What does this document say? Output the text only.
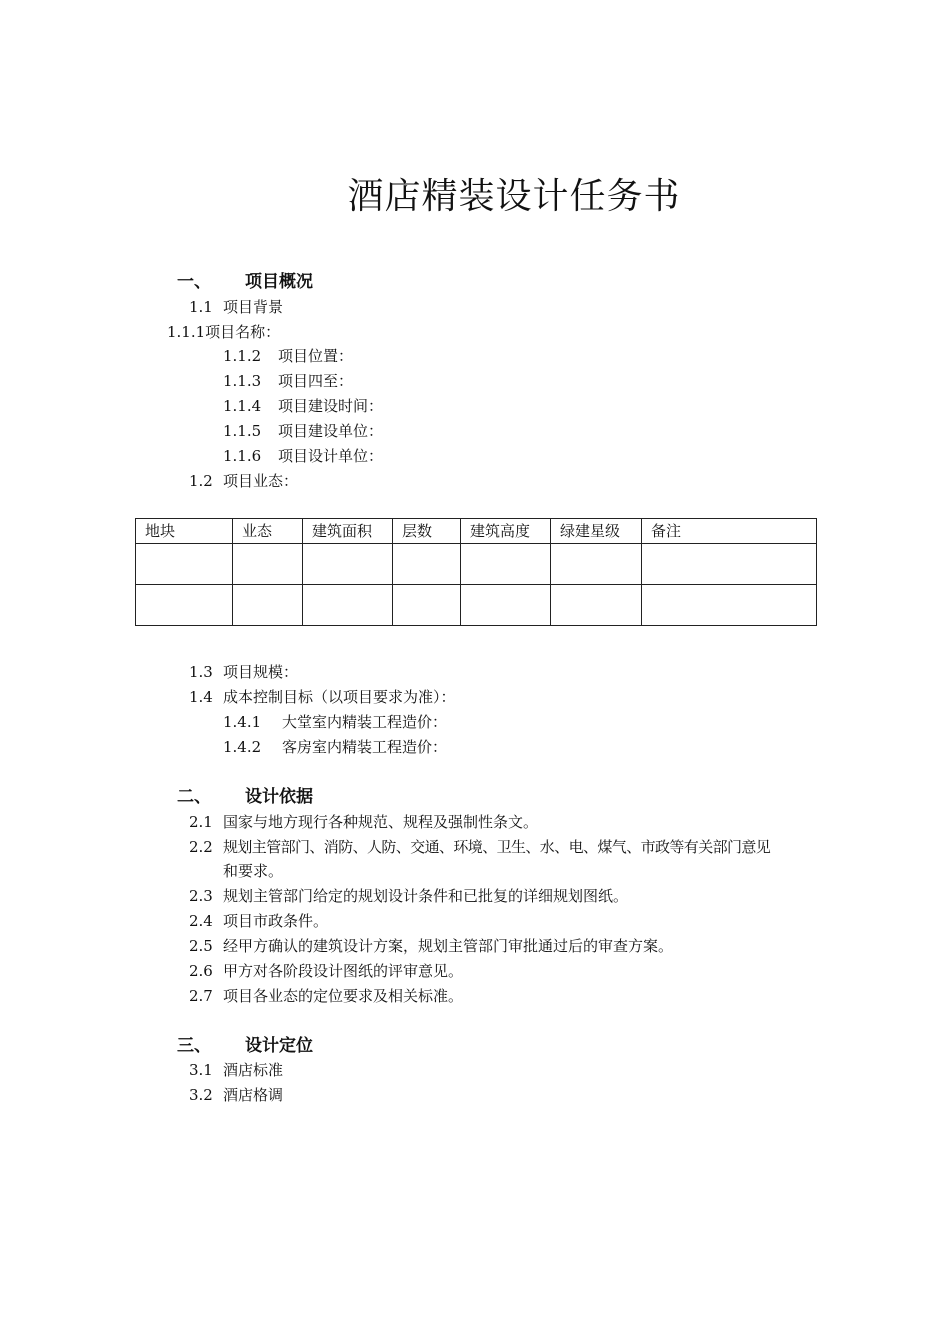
酒店精装设计任务书
一、 项目概况
1.1 项目背景
1.1.1项目名称：
1.1.2 项目位置：
1.1.3 项目四至：
1.1.4 项目建设时间：
1.1.5 项目建设单位：
1.1.6 项目设计单位：
1.2 项目业态：
地块	业态	建筑面积	层数	建筑高度	绿建星级	备注

1.3 项目规模：
1.4 成本控制目标（以项目要求为准）：
1.4.1 大堂室内精装工程造价：
1.4.2 客房室内精装工程造价：
二、 设计依据
2.1 国家与地方现行各种规范、规程及强制性条文。
2.2 规划主管部门、消防、人防、交通、环境、卫生、水、电、煤气、市政等有关部门意见
和要求。
2.3 规划主管部门给定的规划设计条件和已批复的详细规划图纸。
2.4 项目市政条件。
2.5 经甲方确认的建筑设计方案，规划主管部门审批通过后的审查方案。
2.6 甲方对各阶段设计图纸的评审意见。
2.7 项目各业态的定位要求及相关标准。
三、 设计定位
3.1 酒店标准
3.2 酒店格调
